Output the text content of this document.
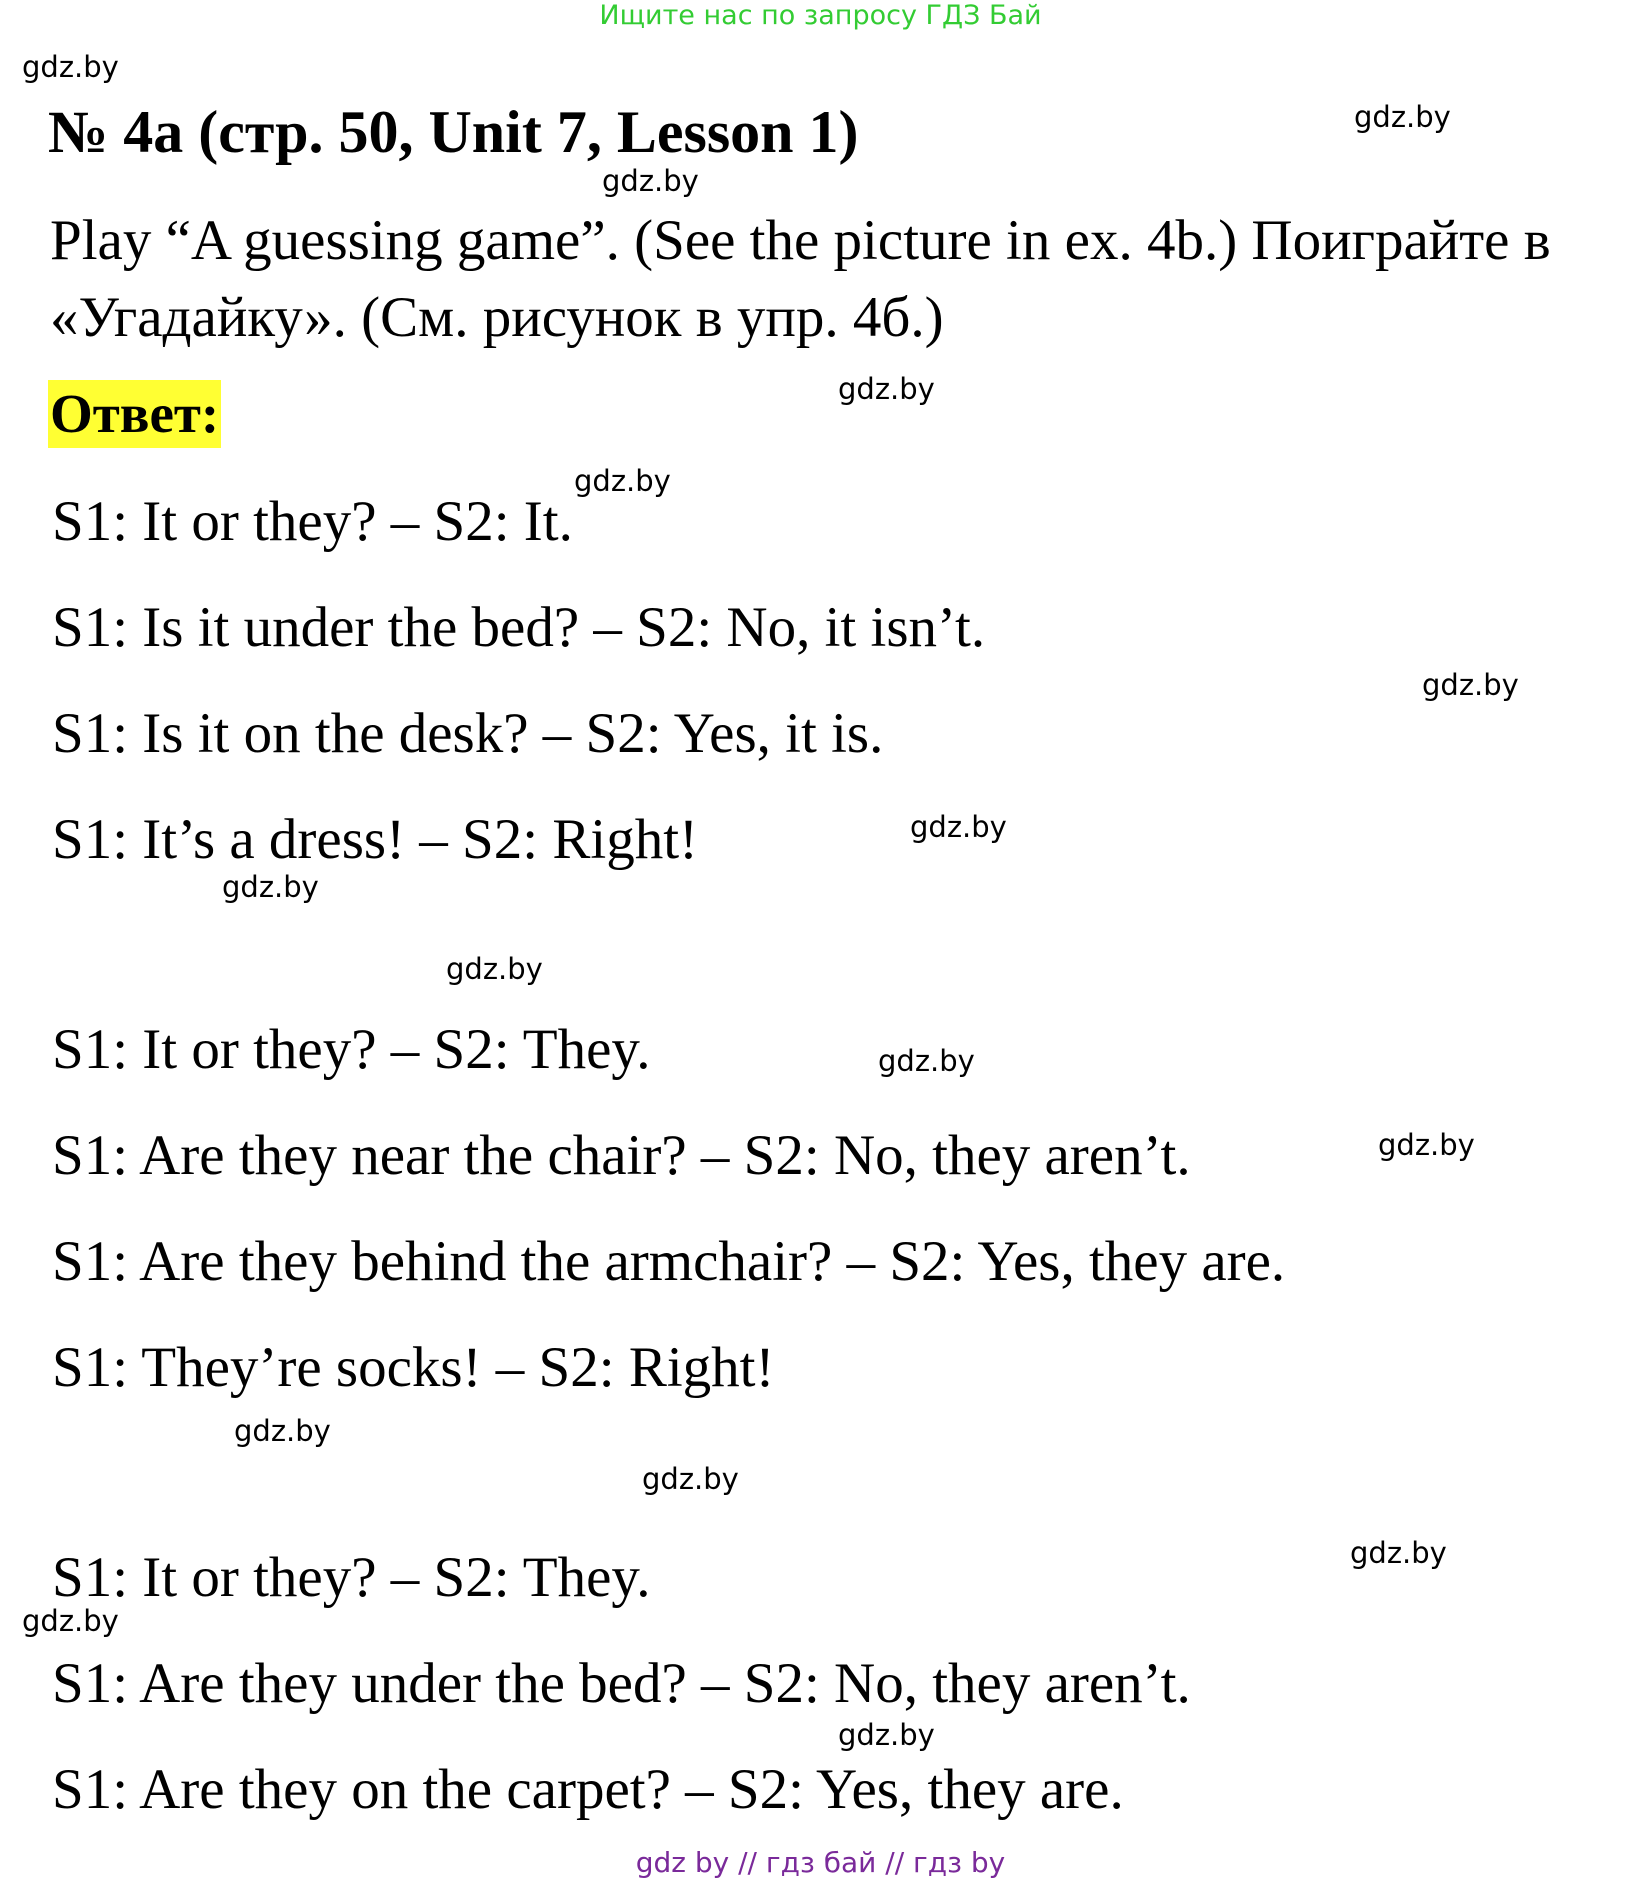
Ищите нас по запросу ГДЗ Бай
№ 4a (стр. 50, Unit 7, Lesson 1)
Play “A guessing game”. (See the picture in ex. 4b.) Поиграйте в «Угадайку». (См. рисунок в упр. 4б.)
Ответ:
S1: It or they? – S2: It.
S1: Is it under the bed? – S2: No, it isn’t.
S1: Is it on the desk? – S2: Yes, it is.
S1: It’s a dress! – S2: Right!
S1: It or they? – S2: They.
S1: Are they near the chair? – S2: No, they aren’t.
S1: Are they behind the armchair? – S2: Yes, they are.
S1: They’re socks! – S2: Right!
S1: It or they? – S2: They.
S1: Are they under the bed? – S2: No, they aren’t.
S1: Are they on the carpet? – S2: Yes, they are.
gdz.by
gdz.by
gdz.by
gdz.by
gdz.by
gdz.by
gdz.by
gdz.by
gdz.by
gdz.by
gdz.by
gdz.by
gdz.by
gdz.by
gdz.by
gdz.by
gdz by // гдз бай // гдз by
